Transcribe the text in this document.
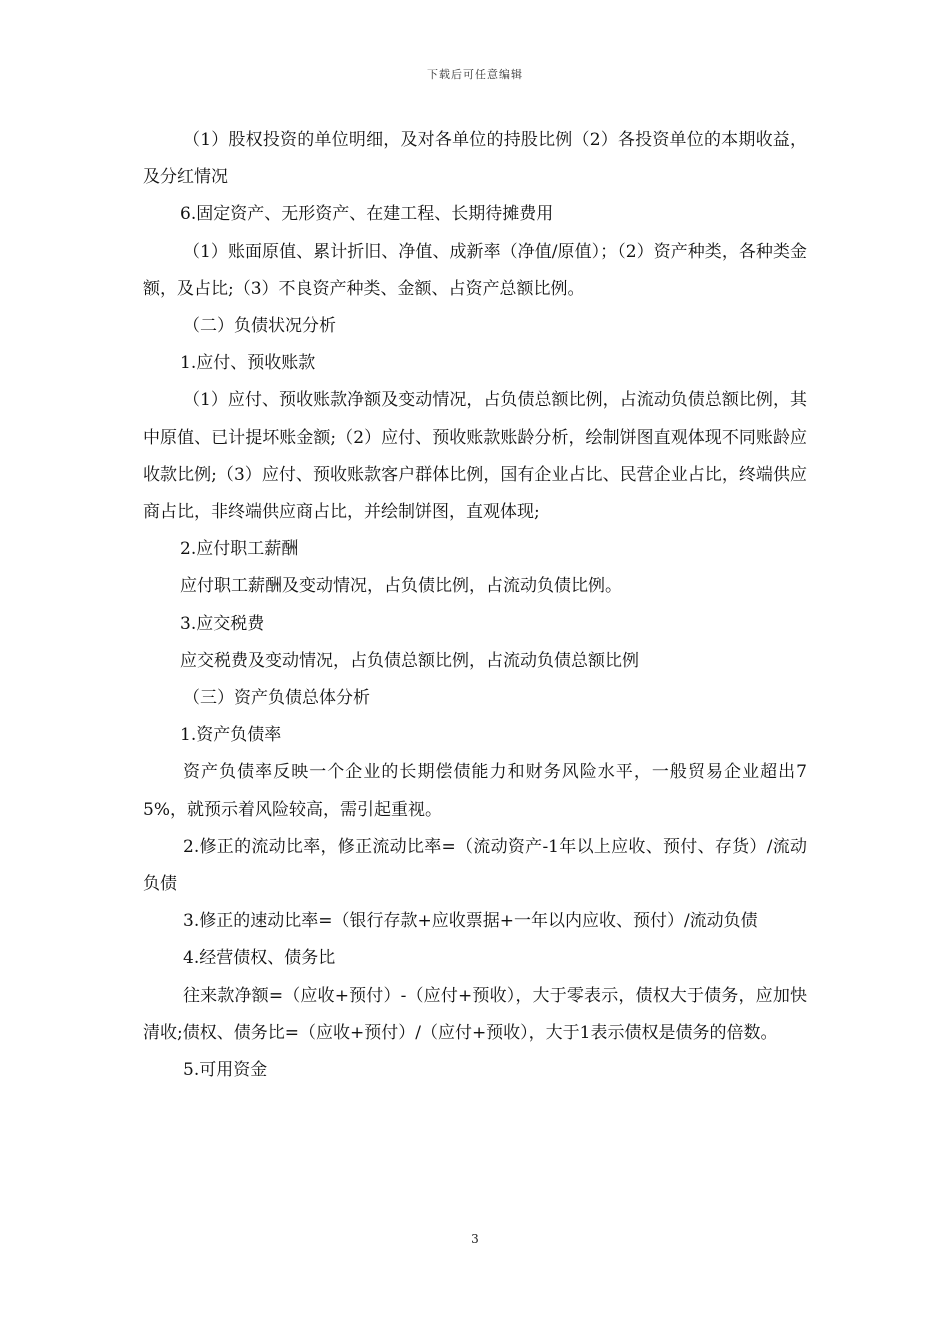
下载后可任意编辑

（1）股权投资的单位明细，及对各单位的持股比例（2）各投资单位的本期收益，及分红情况

6.固定资产、无形资产、在建工程、长期待摊费用

（1）账面原值、累计折旧、净值、成新率（净值/原值）；（2）资产种类，各种类金额，及占比;（3）不良资产种类、金额、占资产总额比例。

（二）负债状况分析

1.应付、预收账款

（1）应付、预收账款净额及变动情况，占负债总额比例，占流动负债总额比例，其中原值、已计提坏账金额;（2）应付、预收账款账龄分析，绘制饼图直观体现不同账龄应收款比例;（3）应付、预收账款客户群体比例，国有企业占比、民营企业占比，终端供应商占比，非终端供应商占比，并绘制饼图，直观体现;

2.应付职工薪酬

应付职工薪酬及变动情况，占负债比例，占流动负债比例。

3.应交税费

应交税费及变动情况，占负债总额比例，占流动负债总额比例

（三）资产负债总体分析

1.资产负债率

资产负债率反映一个企业的长期偿债能力和财务风险水平，一般贸易企业超出75%，就预示着风险较高，需引起重视。

2.修正的流动比率，修正流动比率=（流动资产-1年以上应收、预付、存货）/流动负债

3.修正的速动比率=（银行存款+应收票据+一年以内应收、预付）/流动负债

4.经营债权、债务比

往来款净额=（应收+预付）-（应付+预收），大于零表示，债权大于债务，应加快清收;债权、债务比=（应收+预付）/（应付+预收），大于1表示债权是债务的倍数。

5.可用资金

3
